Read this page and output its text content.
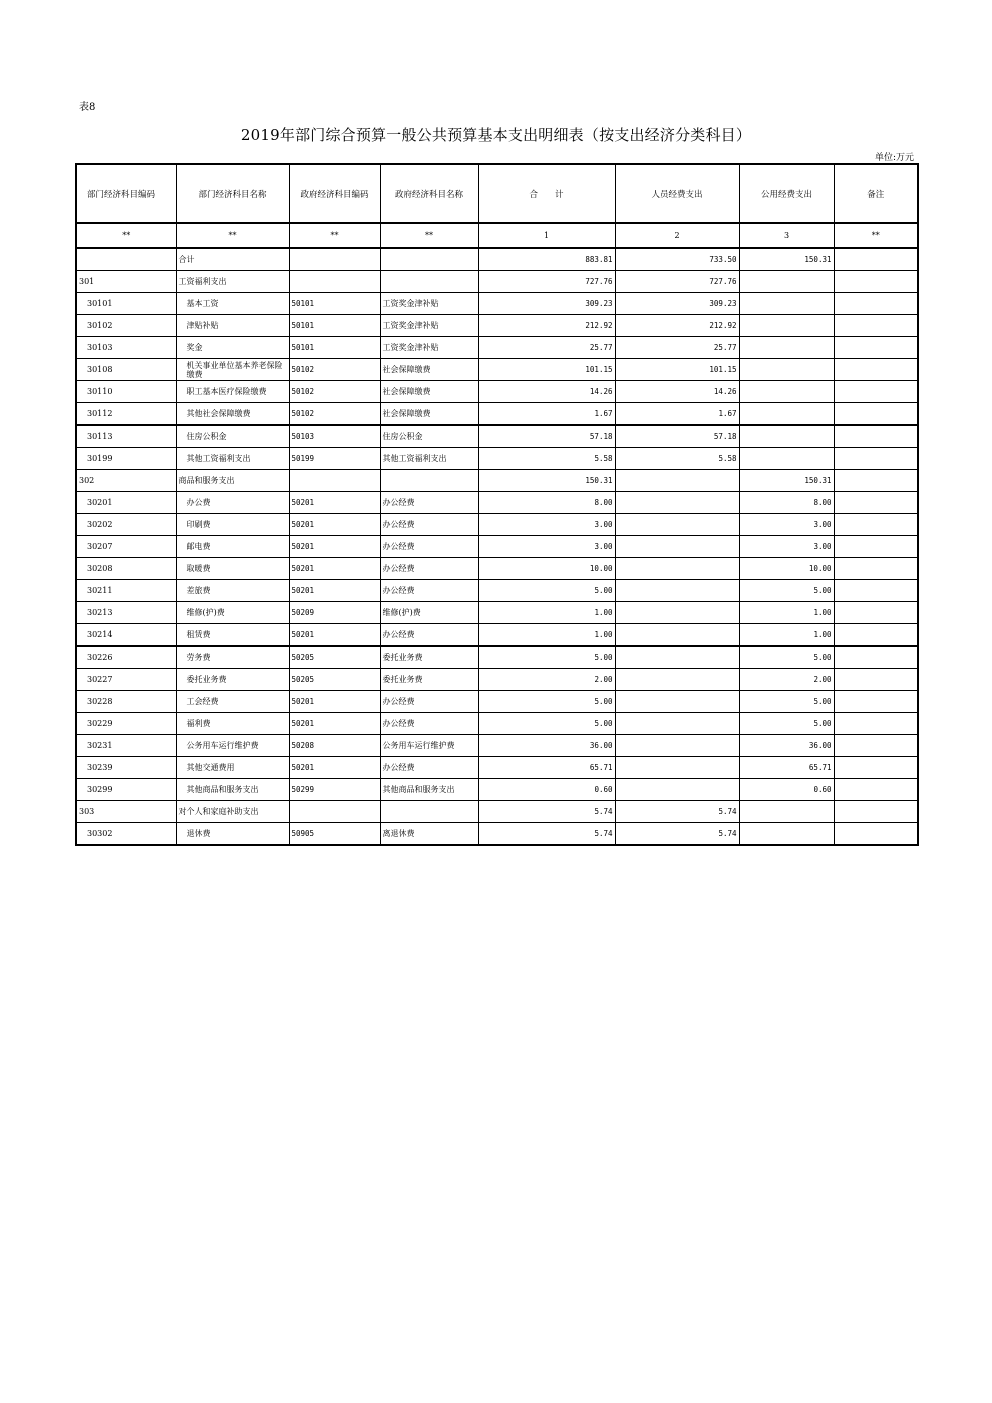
表8
2019年部门综合预算一般公共预算基本支出明细表（按支出经济分类科目）
单位:万元
部门经济科目编码	部门经济科目名称	政府经济科目编码	政府经济科目名称	合　　计	人员经费支出	公用经费支出	备注
**	**	**	**	1	2	3	**
	合计			883.81	733.50	150.31	
301	工资福利支出			727.76	727.76		
30101	基本工资	50101	工资奖金津补贴	309.23	309.23		
30102	津贴补贴	50101	工资奖金津补贴	212.92	212.92		
30103	奖金	50101	工资奖金津补贴	25.77	25.77		
30108	机关事业单位基本养老保险缴费	50102	社会保障缴费	101.15	101.15		
30110	职工基本医疗保险缴费	50102	社会保障缴费	14.26	14.26		
30112	其他社会保障缴费	50102	社会保障缴费	1.67	1.67		
30113	住房公积金	50103	住房公积金	57.18	57.18		
30199	其他工资福利支出	50199	其他工资福利支出	5.58	5.58		
302	商品和服务支出			150.31		150.31	
30201	办公费	50201	办公经费	8.00		8.00	
30202	印刷费	50201	办公经费	3.00		3.00	
30207	邮电费	50201	办公经费	3.00		3.00	
30208	取暖费	50201	办公经费	10.00		10.00	
30211	差旅费	50201	办公经费	5.00		5.00	
30213	维修(护)费	50209	维修(护)费	1.00		1.00	
30214	租赁费	50201	办公经费	1.00		1.00	
30226	劳务费	50205	委托业务费	5.00		5.00	
30227	委托业务费	50205	委托业务费	2.00		2.00	
30228	工会经费	50201	办公经费	5.00		5.00	
30229	福利费	50201	办公经费	5.00		5.00	
30231	公务用车运行维护费	50208	公务用车运行维护费	36.00		36.00	
30239	其他交通费用	50201	办公经费	65.71		65.71	
30299	其他商品和服务支出	50299	其他商品和服务支出	0.60		0.60	
303	对个人和家庭补助支出			5.74	5.74		
30302	退休费	50905	离退休费	5.74	5.74		
